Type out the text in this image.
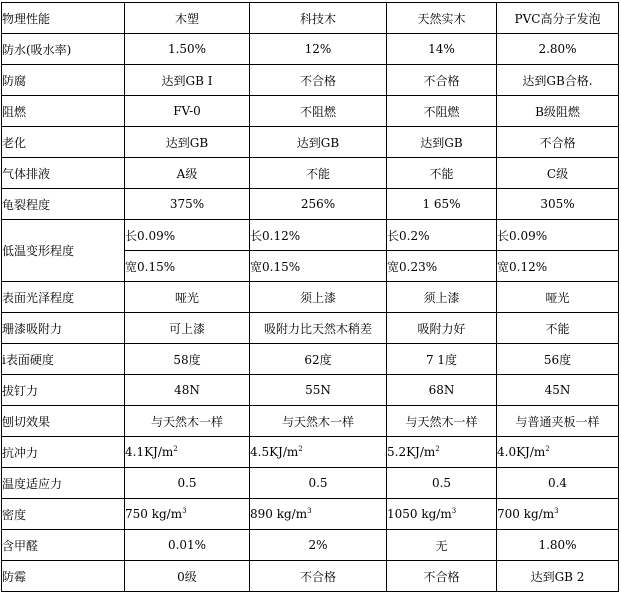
物理性能	木塑	科技木	天然实木	PVC高分子发泡
防水(吸水率)	1.50%	12%	14%	2.80%
防腐	达到GB I	不合格	不合格	达到GB合格.
阻燃	FV-0	不阻燃	不阻燃	B级阻燃
老化	达到GB	达到GB	达到GB	不合格
气体排液	A级	不能	不能	C级
龟裂程度	375%	256%	1 65%	305%
低温变形程度	长0.09%	长0.12%	长0.2%	长0.09%
	宽0.15%	宽0.15%	宽0.23%	宽0.12%
表面光泽程度	哑光	须上漆	须上漆	哑光
珊漆吸附力	可上漆	吸附力比天然木稍差	吸附力好	不能
i表面硬度	58度	62度	7 1度	56度
拔钉力	48N	55N	68N	45N
刨切效果	与天然木一样	与天然木一样	与天然木一样	与普通夹板一样
抗冲力	$4.1KJ/m^2$	$4.5KJ/m^2$	$5.2KJ/m^2$	$4.0KJ/m^2$
温度适应力	0.5	0.5	0.5	0.4
密度	750 $kg/m^3$	890 $kg/m^3$	1050 $kg/m^3$	700 $kg/m^3$
含甲醛	0.01%	2%	无	1.80%
防霉	0级	不合格	不合格	达到GB 2
